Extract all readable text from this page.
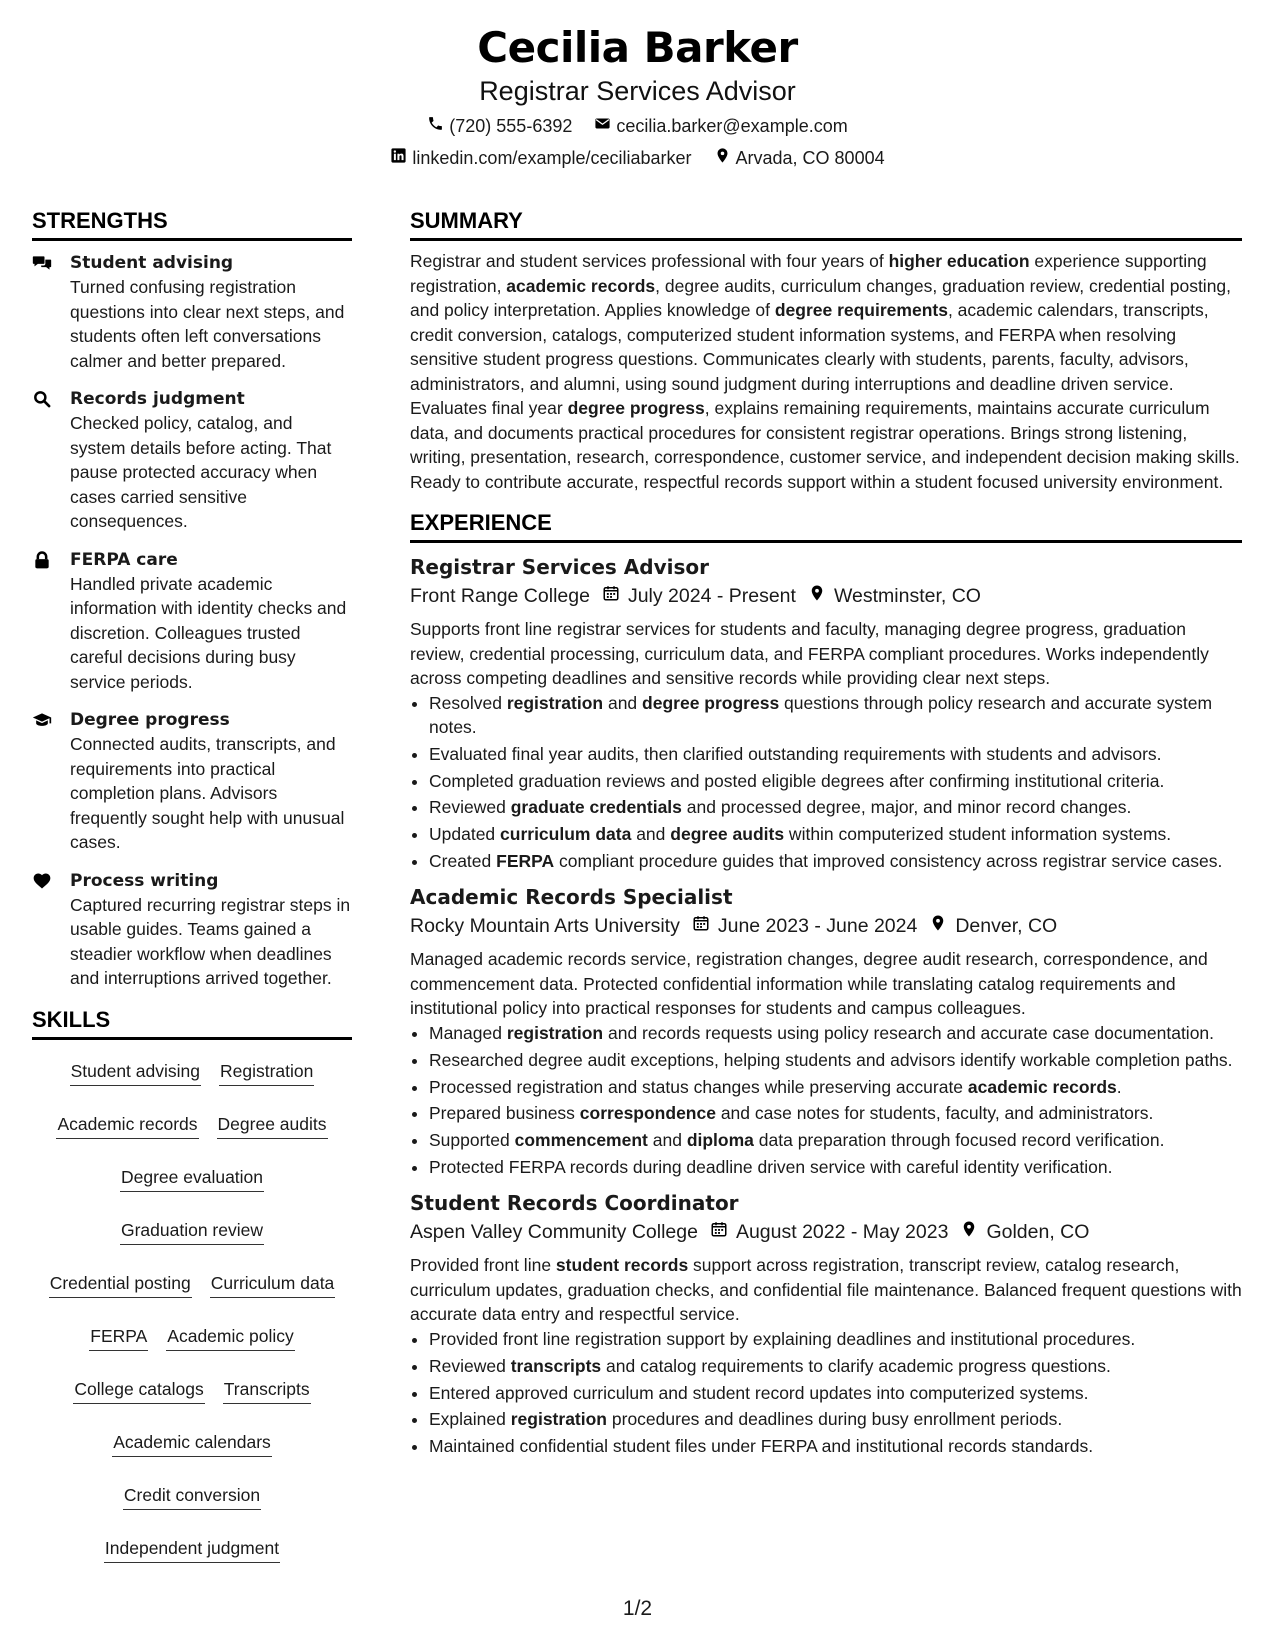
Cecilia Barker
Registrar Services Advisor
(720) 555-6392 cecilia.barker@example.com
linkedin.com/example/ceciliabarker Arvada, CO 80004
STRENGTHS
Student advising
Turned confusing registration questions into clear next steps, and students often left conversations calmer and better prepared.
Records judgment
Checked policy, catalog, and system details before acting. That pause protected accuracy when cases carried sensitive consequences.
FERPA care
Handled private academic information with identity checks and discretion. Colleagues trusted careful decisions during busy service periods.
Degree progress
Connected audits, transcripts, and requirements into practical completion plans. Advisors frequently sought help with unusual cases.
Process writing
Captured recurring registrar steps in usable guides. Teams gained a steadier workflow when deadlines and interruptions arrived together.
SKILLS
Student advising Registration
Academic records Degree audits
Degree evaluation
Graduation review
Credential posting Curriculum data
FERPA Academic policy
College catalogs Transcripts
Academic calendars
Credit conversion
Independent judgment
SUMMARY

Registrar and student services professional with four years of higher education experience supporting registration, academic records, degree audits, curriculum changes, graduation review, credential posting, and policy interpretation. Applies knowledge of degree requirements, academic calendars, transcripts, credit conversion, catalogs, computerized student information systems, and FERPA when resolving sensitive student progress questions. Communicates clearly with students, parents, faculty, advisors, administrators, and alumni, using sound judgment during interruptions and deadline driven service. Evaluates final year degree progress, explains remaining requirements, maintains accurate curriculum data, and documents practical procedures for consistent registrar operations. Brings strong listening, writing, presentation, research, correspondence, customer service, and independent decision making skills. Ready to contribute accurate, respectful records support within a student focused university environment.

EXPERIENCE
Registrar Services Advisor
Front Range College July 2024 - Present Westminster, CO
Supports front line registrar services for students and faculty, managing degree progress, graduation review, credential processing, curriculum data, and FERPA compliant procedures. Works independently across competing deadlines and sensitive records while providing clear next steps.
• Resolved registration and degree progress questions through policy research and accurate system notes.
• Evaluated final year audits, then clarified outstanding requirements with students and advisors.
• Completed graduation reviews and posted eligible degrees after confirming institutional criteria.
• Reviewed graduate credentials and processed degree, major, and minor record changes.
• Updated curriculum data and degree audits within computerized student information systems.
• Created FERPA compliant procedure guides that improved consistency across registrar service cases.
Academic Records Specialist
Rocky Mountain Arts University June 2023 - June 2024 Denver, CO
Managed academic records service, registration changes, degree audit research, correspondence, and commencement data. Protected confidential information while translating catalog requirements and institutional policy into practical responses for students and campus colleagues.
• Managed registration and records requests using policy research and accurate case documentation.
• Researched degree audit exceptions, helping students and advisors identify workable completion paths.
• Processed registration and status changes while preserving accurate academic records.
• Prepared business correspondence and case notes for students, faculty, and administrators.
• Supported commencement and diploma data preparation through focused record verification.
• Protected FERPA records during deadline driven service with careful identity verification.
Student Records Coordinator
Aspen Valley Community College August 2022 - May 2023 Golden, CO
Provided front line student records support across registration, transcript review, catalog research, curriculum updates, graduation checks, and confidential file maintenance. Balanced frequent questions with accurate data entry and respectful service.
• Provided front line registration support by explaining deadlines and institutional procedures.
• Reviewed transcripts and catalog requirements to clarify academic progress questions.
• Entered approved curriculum and student record updates into computerized systems.
• Explained registration procedures and deadlines during busy enrollment periods.
• Maintained confidential student files under FERPA and institutional records standards.
1/2
